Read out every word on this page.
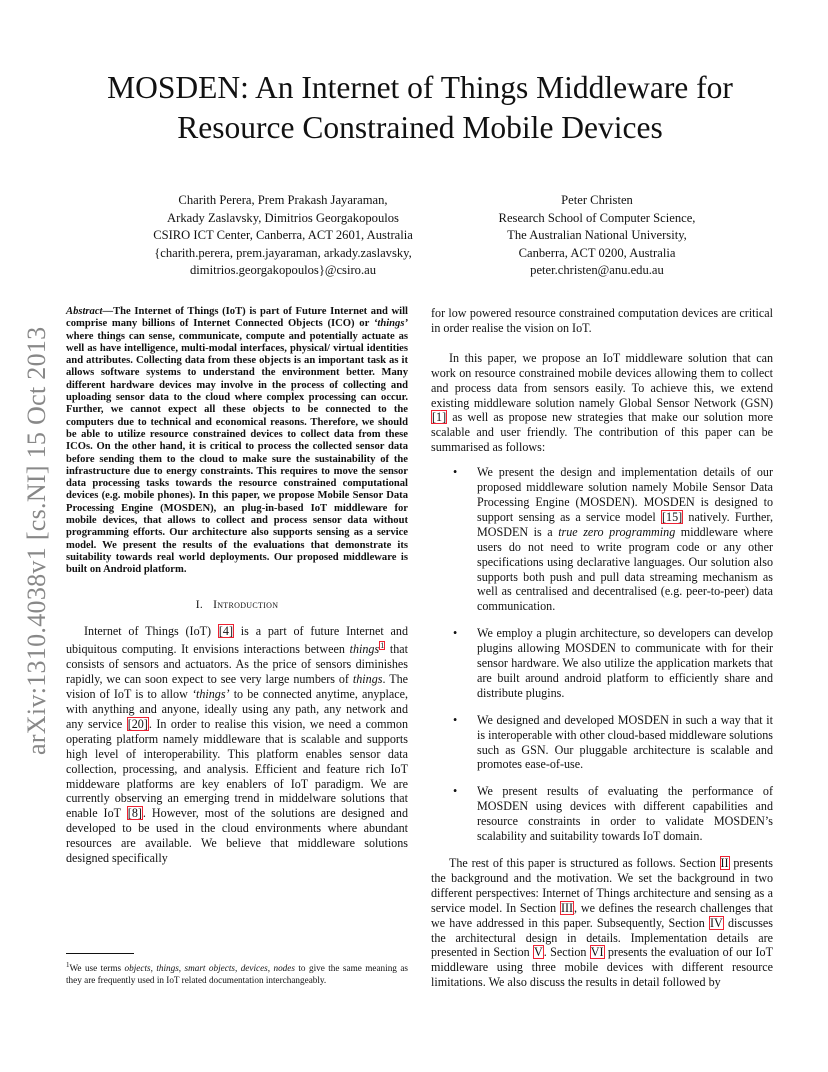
MOSDEN: An Internet of Things Middleware for
Resource Constrained Mobile Devices
Charith Perera, Prem Prakash Jayaraman,
Arkady Zaslavsky, Dimitrios Georgakopoulos
CSIRO ICT Center, Canberra, ACT 2601, Australia
{charith.perera, prem.jayaraman, arkady.zaslavsky,
dimitrios.georgakopoulos}@csiro.au
Peter Christen
Research School of Computer Science,
The Australian National University,
Canberra, ACT 0200, Australia
peter.christen@anu.edu.au
arXiv:1310.4038v1 [cs.NI] 15 Oct 2013

Abstract—The Internet of Things (IoT) is part of Future Internet and will comprise many billions of Internet Connected Objects (ICO) or ‘things’ where things can sense, communicate, compute and potentially actuate as well as have intelligence, multi-modal interfaces, physical/ virtual identities and attributes. Collecting data from these objects is an important task as it allows software systems to understand the environment better. Many different hardware devices may involve in the process of collecting and uploading sensor data to the cloud where complex processing can occur. Further, we cannot expect all these objects to be connected to the computers due to technical and economical reasons. Therefore, we should be able to utilize resource constrained devices to collect data from these ICOs. On the other hand, it is critical to process the collected sensor data before sending them to the cloud to make sure the sustainability of the infrastructure due to energy constraints. This requires to move the sensor data processing tasks towards the resource constrained computational devices (e.g. mobile phones). In this paper, we propose Mobile Sensor Data Processing Engine (MOSDEN), an plug-in-based IoT middleware for mobile devices, that allows to collect and process sensor data without programming efforts. Our architecture also supports sensing as a service model. We present the results of the evaluations that demonstrate its suitability towards real world deployments. Our proposed middleware is built on Android platform.

I. Introduction

Internet of Things (IoT) [4] is a part of future Internet and ubiquitous computing. It envisions interactions between things$^1$ that consists of sensors and actuators. As the price of sensors diminishes rapidly, we can soon expect to see very large numbers of things. The vision of IoT is to allow ‘things’ to be connected anytime, anyplace, with anything and anyone, ideally using any path, any network and any service [20]. In order to realise this vision, we need a common operating platform namely middleware that is scalable and supports high level of interoperability. This platform enables sensor data collection, processing, and analysis. Efficient and feature rich IoT middeware platforms are key enablers of IoT paradigm. We are currently observing an emerging trend in middelware solutions that enable IoT [8]. However, most of the solutions are designed and developed to be used in the cloud environments where abundant resources are available. We believe that middleware solutions designed specifically

$^1$We use terms objects, things, smart objects, devices, nodes to give the same meaning as they are frequently used in IoT related documentation interchangeably.

for low powered resource constrained computation devices are critical in order realise the vision on IoT.

In this paper, we propose an IoT middleware solution that can work on resource constrained mobile devices allowing them to collect and process data from sensors easily. To achieve this, we extend existing middleware solution namely Global Sensor Network (GSN) [1] as well as propose new strategies that make our solution more scalable and user friendly. The contribution of this paper can be summarised as follows:

• We present the design and implementation details of our proposed middleware solution namely Mobile Sensor Data Processing Engine (MOSDEN). MOSDEN is designed to support sensing as a service model [15] natively. Further, MOSDEN is a true zero programming middleware where users do not need to write program code or any other specifications using declarative languages. Our solution also supports both push and pull data streaming mechanism as well as centralised and decentralised (e.g. peer-to-peer) data communication.
• We employ a plugin architecture, so developers can develop plugins allowing MOSDEN to communicate with for their sensor hardware. We also utilize the application markets that are built around android platform to efficiently share and distribute plugins.
• We designed and developed MOSDEN in such a way that it is interoperable with other cloud-based middleware solutions such as GSN. Our pluggable architecture is scalable and promotes ease-of-use.
• We present results of evaluating the performance of MOSDEN using devices with different capabilities and resource constraints in order to validate MOSDEN’s scalability and suitability towards IoT domain.

The rest of this paper is structured as follows. Section II presents the background and the motivation. We set the background in two different perspectives: Internet of Things architecture and sensing as a service model. In Section III, we defines the research challenges that we have addressed in this paper. Subsequently, Section IV discusses the architectural design in details. Implementation details are presented in Section V. Section VI presents the evaluation of our IoT middleware using three mobile devices with different resource limitations. We also discuss the results in detail followed by
